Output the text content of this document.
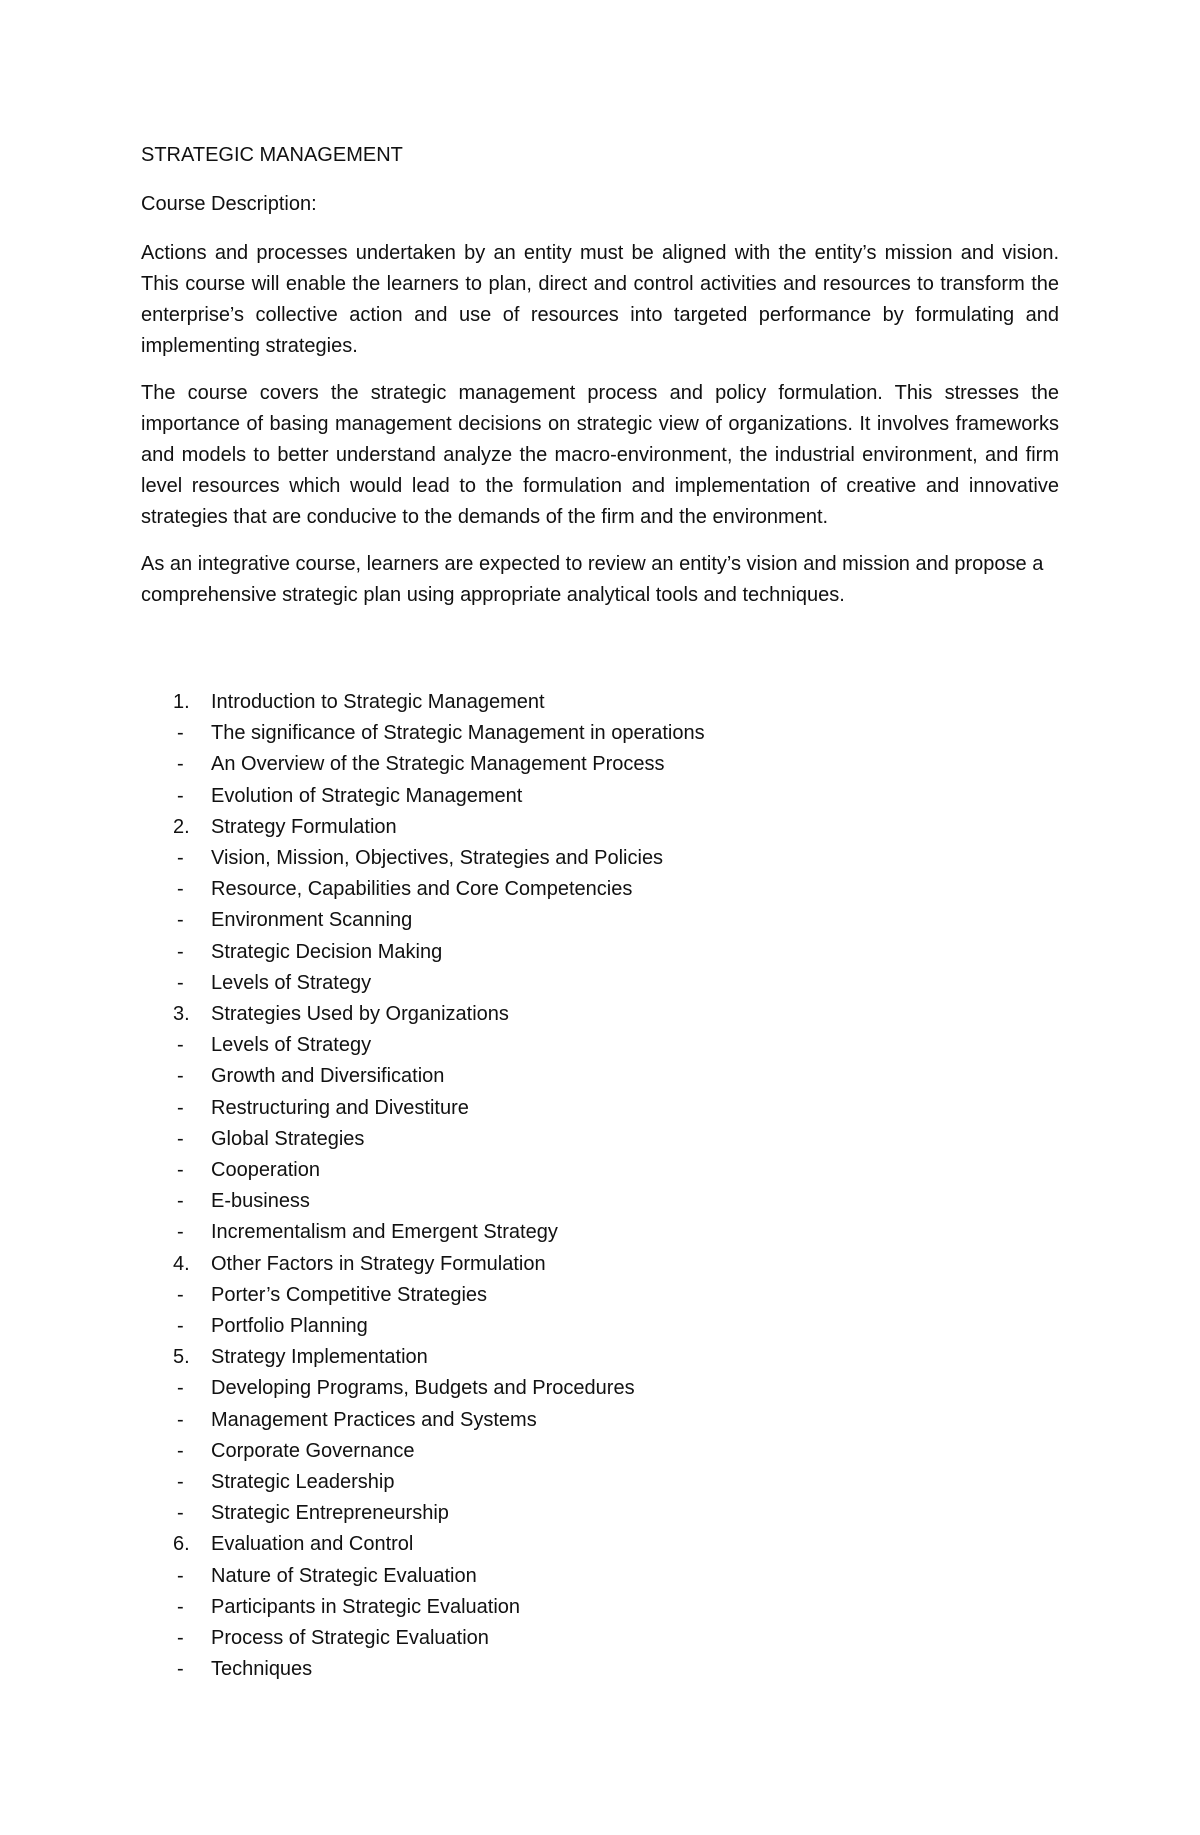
STRATEGIC MANAGEMENT
Course Description:

Actions and processes undertaken by an entity must be aligned with the entity’s mission and vision. This course will enable the learners to plan, direct and control activities and resources to transform the enterprise’s collective action and use of resources into targeted performance by formulating and implementing strategies.

The course covers the strategic management process and policy formulation. This stresses the importance of basing management decisions on strategic view of organizations. It involves frameworks and models to better understand analyze the macro-environment, the industrial environment, and firm level resources which would lead to the formulation and implementation of creative and innovative strategies that are conducive to the demands of the firm and the environment.

As an integrative course, learners are expected to review an entity’s vision and mission and propose a comprehensive strategic plan using appropriate analytical tools and techniques.

1. Introduction to Strategic Management
- The significance of Strategic Management in operations
- An Overview of the Strategic Management Process
- Evolution of Strategic Management
2. Strategy Formulation
- Vision, Mission, Objectives, Strategies and Policies
- Resource, Capabilities and Core Competencies
- Environment Scanning
- Strategic Decision Making
- Levels of Strategy
3. Strategies Used by Organizations
- Levels of Strategy
- Growth and Diversification
- Restructuring and Divestiture
- Global Strategies
- Cooperation
- E-business
- Incrementalism and Emergent Strategy
4. Other Factors in Strategy Formulation
- Porter’s Competitive Strategies
- Portfolio Planning
5. Strategy Implementation
- Developing Programs, Budgets and Procedures
- Management Practices and Systems
- Corporate Governance
- Strategic Leadership
- Strategic Entrepreneurship
6. Evaluation and Control
- Nature of Strategic Evaluation
- Participants in Strategic Evaluation
- Process of Strategic Evaluation
- Techniques
